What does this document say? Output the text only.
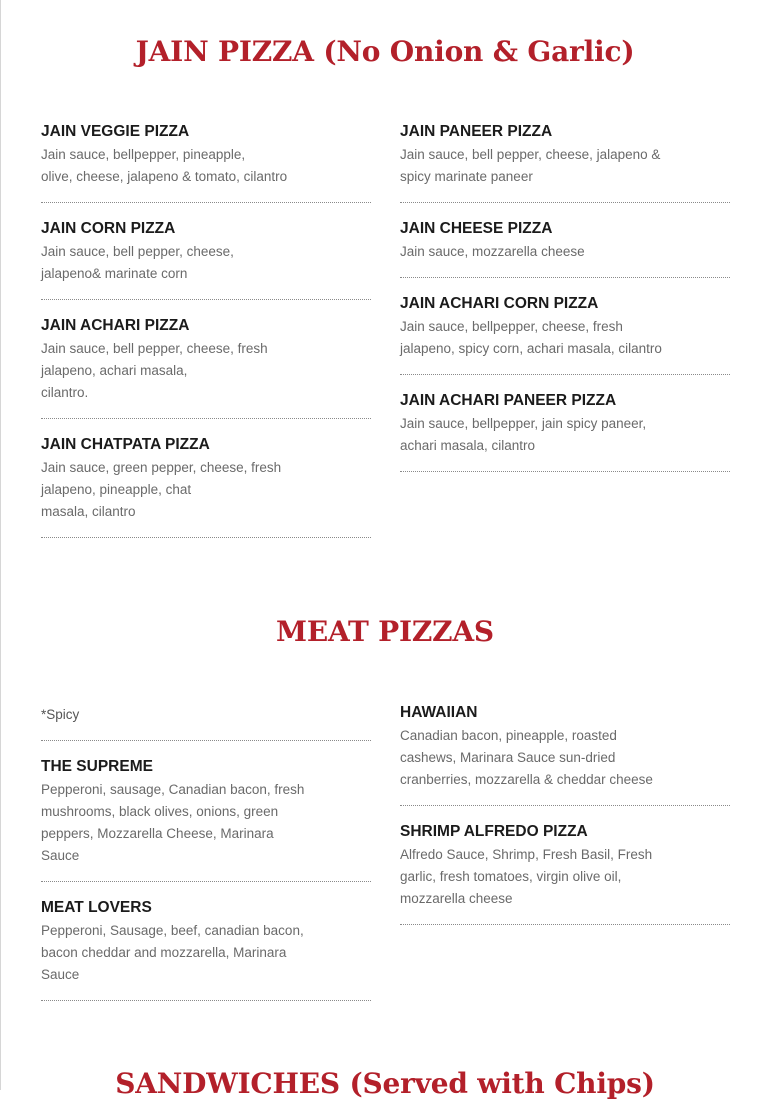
JAIN PIZZA (No Onion & Garlic)
JAIN VEGGIE PIZZA
Jain sauce, bellpepper, pineapple,
olive, cheese, jalapeno & tomato, cilantro
JAIN CORN PIZZA
Jain sauce, bell pepper, cheese,
jalapeno& marinate corn
JAIN ACHARI PIZZA
Jain sauce, bell pepper, cheese, fresh
jalapeno, achari masala,
cilantro.
JAIN CHATPATA PIZZA
Jain sauce, green pepper, cheese, fresh
jalapeno, pineapple, chat
masala, cilantro
JAIN PANEER PIZZA
Jain sauce, bell pepper, cheese, jalapeno &
spicy marinate paneer
JAIN CHEESE PIZZA
Jain sauce, mozzarella cheese
JAIN ACHARI CORN PIZZA
Jain sauce, bellpepper, cheese, fresh
jalapeno, spicy corn, achari masala, cilantro
JAIN ACHARI PANEER PIZZA
Jain sauce, bellpepper, jain spicy paneer,
achari masala, cilantro
MEAT PIZZAS
*Spicy
THE SUPREME
Pepperoni, sausage, Canadian bacon, fresh
mushrooms, black olives, onions, green
peppers, Mozzarella Cheese, Marinara
Sauce
MEAT LOVERS
Pepperoni, Sausage, beef, canadian bacon,
bacon cheddar and mozzarella, Marinara
Sauce
HAWAIIAN
Canadian bacon, pineapple, roasted
cashews, Marinara Sauce sun-dried
cranberries, mozzarella & cheddar cheese
SHRIMP ALFREDO PIZZA
Alfredo Sauce, Shrimp, Fresh Basil, Fresh
garlic, fresh tomatoes, virgin olive oil,
mozzarella cheese
SANDWICHES (Served with Chips)
